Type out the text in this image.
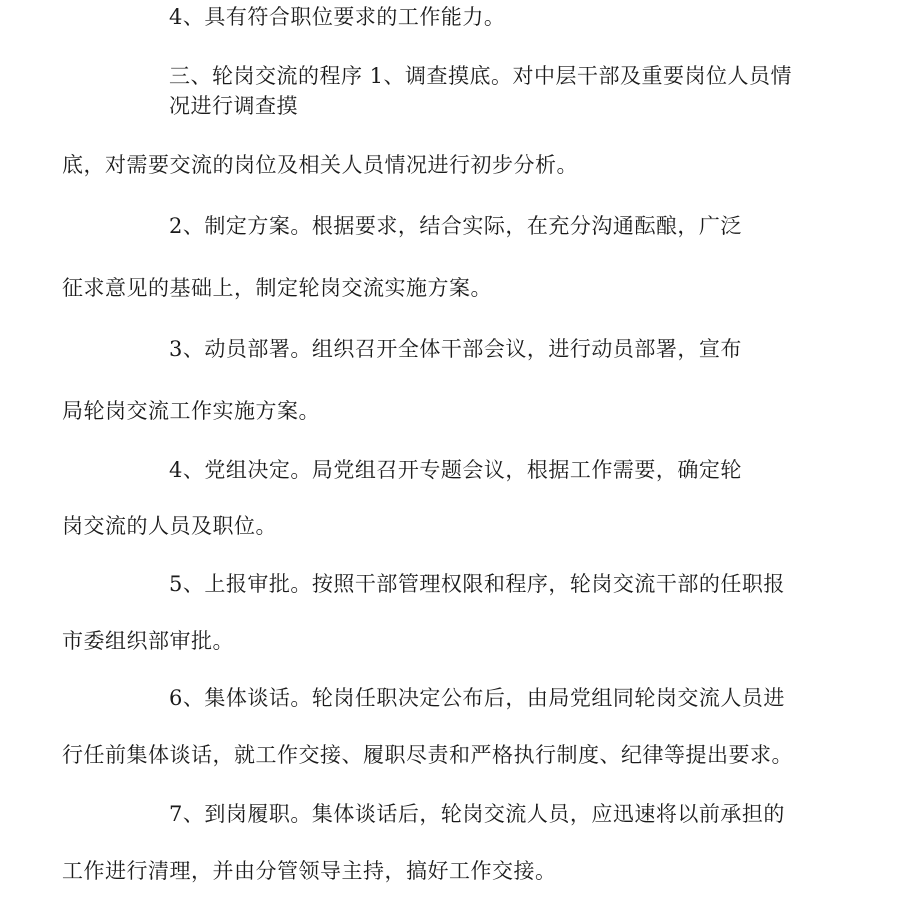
4、具有符合职位要求的工作能力。
三、轮岗交流的程序 1、调查摸底。对中层干部及重要岗位人员情
况进行调查摸
底，对需要交流的岗位及相关人员情况进行初步分析。
2、制定方案。根据要求，结合实际，在充分沟通酝酿，广泛
征求意见的基础上，制定轮岗交流实施方案。
3、动员部署。组织召开全体干部会议，进行动员部署，宣布
局轮岗交流工作实施方案。
4、党组决定。局党组召开专题会议，根据工作需要，确定轮
岗交流的人员及职位。
5、上报审批。按照干部管理权限和程序，轮岗交流干部的任职报
市委组织部审批。
6、集体谈话。轮岗任职决定公布后，由局党组同轮岗交流人员进
行任前集体谈话，就工作交接、履职尽责和严格执行制度、纪律等提出要求。
7、到岗履职。集体谈话后，轮岗交流人员，应迅速将以前承担的
工作进行清理，并由分管领导主持，搞好工作交接。
